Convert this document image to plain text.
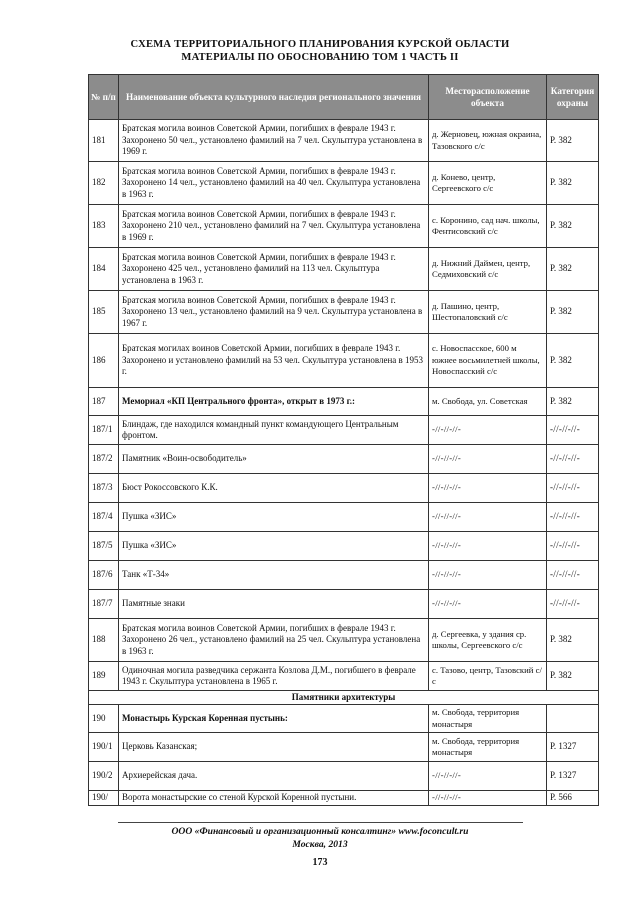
СХЕМА ТЕРРИТОРИАЛЬНОГО ПЛАНИРОВАНИЯ КУРСКОЙ ОБЛАСТИ
МАТЕРИАЛЫ ПО ОБОСНОВАНИЮ ТОМ 1 ЧАСТЬ II
№ п/п	Наименование объекта культурного наследия регионального значения	Месторасположение объекта	Категория охраны
181	Братская могила воинов Советской Армии, погибших в феврале 1943 г. Захоронено 50 чел., установлено фамилий на 7 чел. Скульптура установлена в 1969 г.	д. Жерновец, южная окраина, Тазовского с/с	Р. 382
182	Братская могила воинов Советской Армии, погибших в феврале 1943 г. Захоронено 14 чел., установлено фамилий на 40 чел. Скульптура установлена в 1963 г.	д. Конево, центр, Сергеевского с/с	Р. 382
183	Братская могила воинов Советской Армии, погибших в феврале 1943 г. Захоронено 210 чел., установлено фамилий на 7 чел. Скульптура установлена в 1969 г.	с. Коронино, сад нач. школы, Фентисовский с/с	Р. 382
184	Братская могила воинов Советской Армии, погибших в феврале 1943 г. Захоронено 425 чел., установлено фамилий на 113 чел. Скульптура установлена в 1963 г.	д. Нижний Даймен, центр, Седмиховский с/с	Р. 382
185	Братская могила воинов Советской Армии, погибших в феврале 1943 г. Захоронено 13 чел., установлено фамилий на 9 чел. Скульптура установлена в 1967 г.	д. Пашино, центр, Шестопаловский с/с	Р. 382
186	Братская могилах воинов Советской Армии, погибших в феврале 1943 г. Захоронено и установлено фамилий на 53 чел. Скульптура установлена в 1953 г.	с. Новоспасское, 600 м южнее восьмилетней школы, Новоспасский с/с	Р. 382
187	Мемориал «КП Центрального фронта», открыт в 1973 г.:	м. Свобода, ул. Советская	Р. 382
187/1	Блиндаж, где находился командный пункт командующего Центральным фронтом.	-//-//-//-	-//-//-//-
187/2	Памятник «Воин-освободитель»	-//-//-//-	-//-//-//-
187/3	Бюст Рокоссовского К.К.	-//-//-//-	-//-//-//-
187/4	Пушка «ЗИС»	-//-//-//-	-//-//-//-
187/5	Пушка «ЗИС»	-//-//-//-	-//-//-//-
187/6	Танк «Т-34»	-//-//-//-	-//-//-//-
187/7	Памятные знаки	-//-//-//-	-//-//-//-
188	Братская могила воинов Советской Армии, погибших в феврале 1943 г. Захоронено 26 чел., установлено фамилий на 25 чел. Скульптура установлена в 1963 г.	д. Сергеевка, у здания ср. школы, Сергеевского с/с	Р. 382
189	Одиночная могила разведчика сержанта Козлова Д.М., погибшего в феврале 1943 г. Скульптура установлена в 1965 г.	с. Тазово, центр, Тазовский с/с	Р. 382
Памятники архитектуры			
190	Монастырь Курская Коренная пустынь:	м. Свобода, территория монастыря	
190/1	Церковь Казанская;	м. Свобода, территория монастыря	Р. 1327
190/2	Архиерейская дача.	-//-//-//-	Р. 1327
190/	Ворота монастырские со стеной Курской Коренной пустыни.	-//-//-//-	Р. 566
ООО «Финансовый и организационный консалтинг» www.foconcult.ru
Москва, 2013
173
